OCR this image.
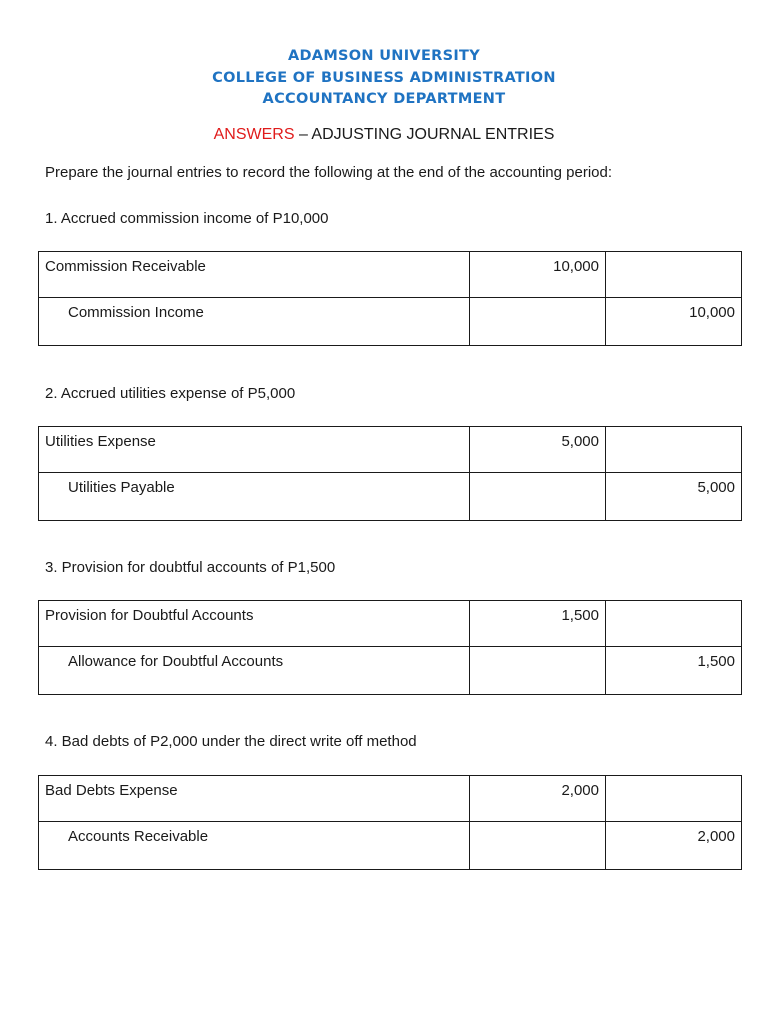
ADAMSON UNIVERSITY
COLLEGE OF BUSINESS ADMINISTRATION
ACCOUNTANCY DEPARTMENT
ANSWERS – ADJUSTING JOURNAL ENTRIES
Prepare the journal entries to record the following at the end of the accounting period:
1. Accrued commission income of P10,000
Commission Receivable	10,000	
Commission Income		10,000
2. Accrued utilities expense of P5,000
Utilities Expense	5,000	
Utilities Payable		5,000
3. Provision for doubtful accounts of P1,500
Provision for Doubtful Accounts	1,500	
Allowance for Doubtful Accounts		1,500
4. Bad debts of P2,000 under the direct write off method
Bad Debts Expense	2,000	
Accounts Receivable		2,000
